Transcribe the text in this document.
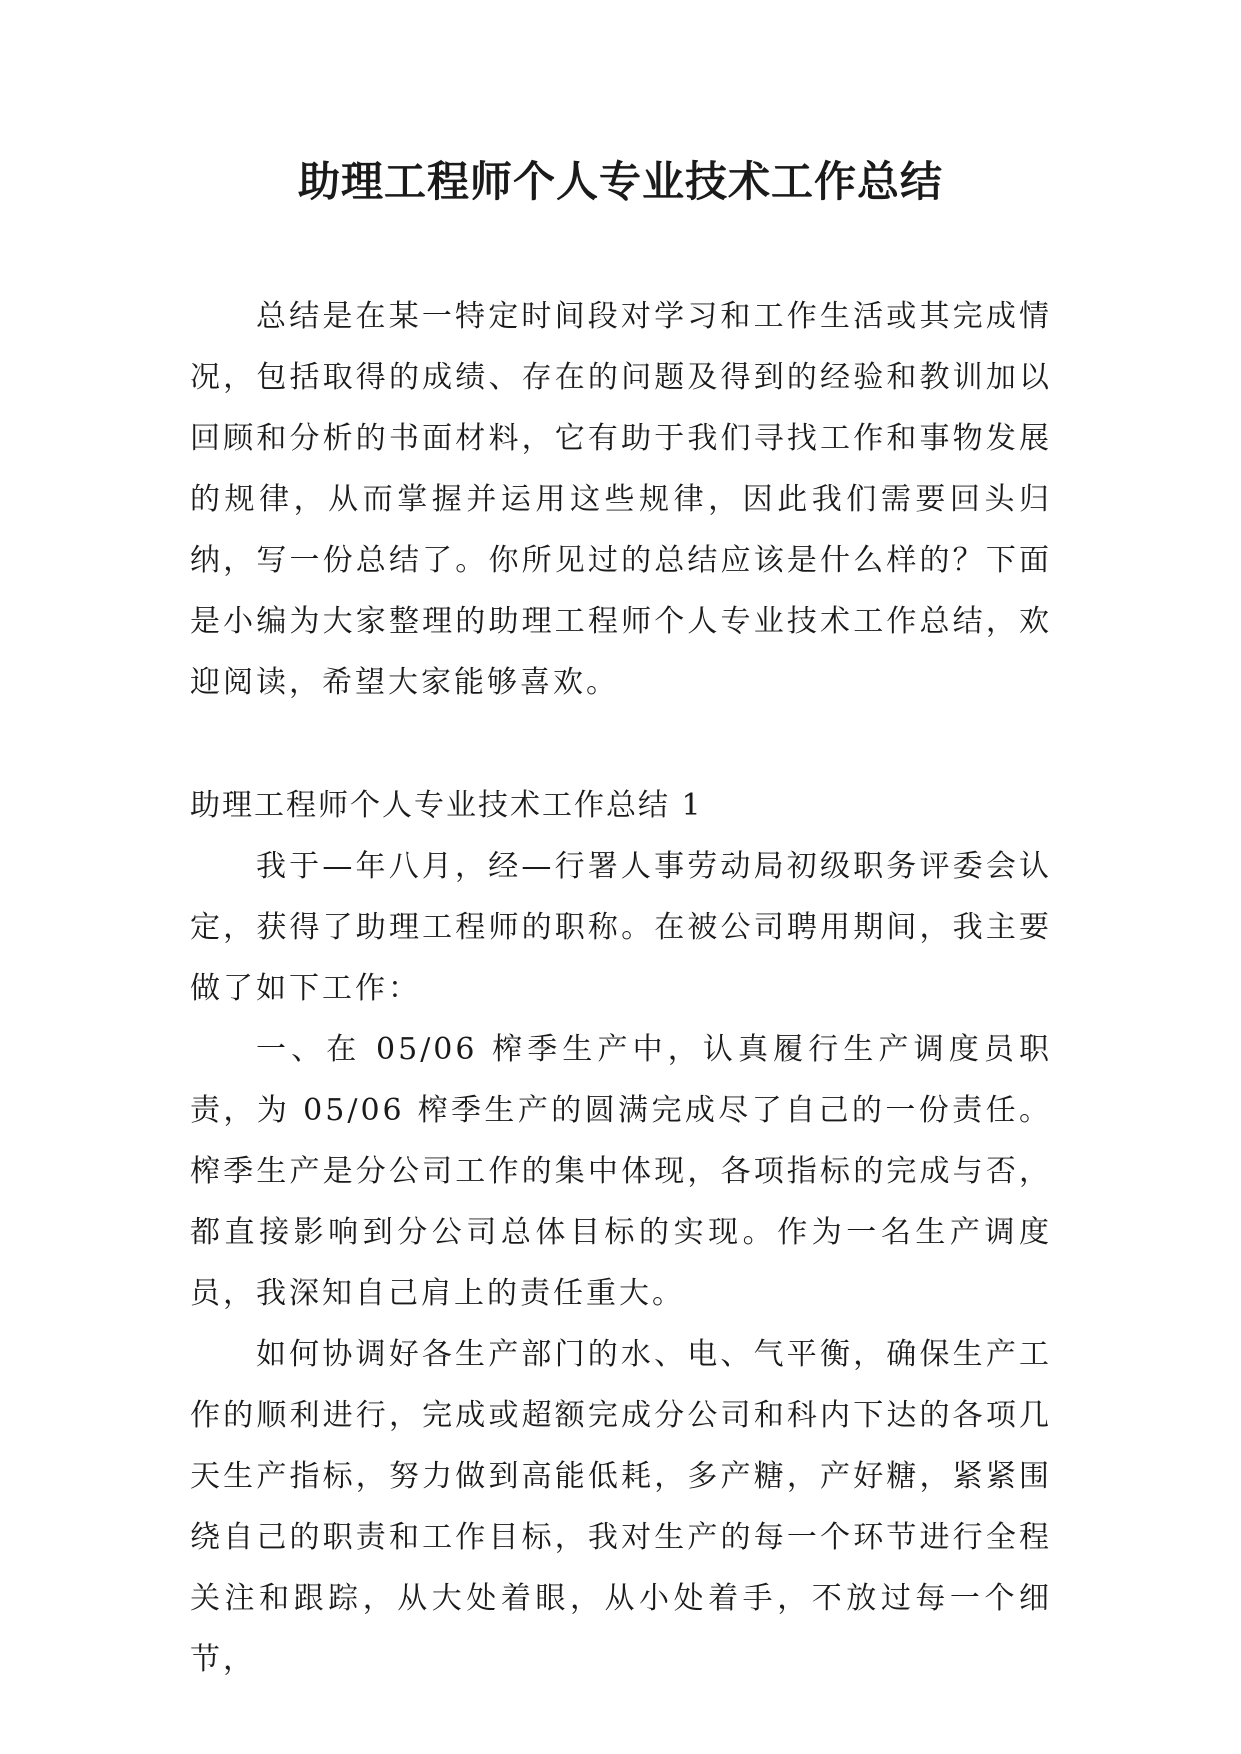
助理工程师个人专业技术工作总结

总结是在某一特定时间段对学习和工作生活或其完成情况，包括取得的成绩、存在的问题及得到的经验和教训加以回顾和分析的书面材料，它有助于我们寻找工作和事物发展的规律，从而掌握并运用这些规律，因此我们需要回头归纳，写一份总结了。你所见过的总结应该是什么样的？下面是小编为大家整理的助理工程师个人专业技术工作总结，欢迎阅读，希望大家能够喜欢。

助理工程师个人专业技术工作总结 1

我于—年八月，经—行署人事劳动局初级职务评委会认定，获得了助理工程师的职称。在被公司聘用期间，我主要做了如下工作：

一、在 05/06 榨季生产中，认真履行生产调度员职责，为 05/06 榨季生产的圆满完成尽了自己的一份责任。榨季生产是分公司工作的集中体现，各项指标的完成与否，都直接影响到分公司总体目标的实现。作为一名生产调度员，我深知自己肩上的责任重大。

如何协调好各生产部门的水、电、气平衡，确保生产工作的顺利进行，完成或超额完成分公司和科内下达的各项几天生产指标，努力做到高能低耗，多产糖，产好糖，紧紧围绕自己的职责和工作目标，我对生产的每一个环节进行全程关注和跟踪，从大处着眼，从小处着手，不放过每一个细节，
